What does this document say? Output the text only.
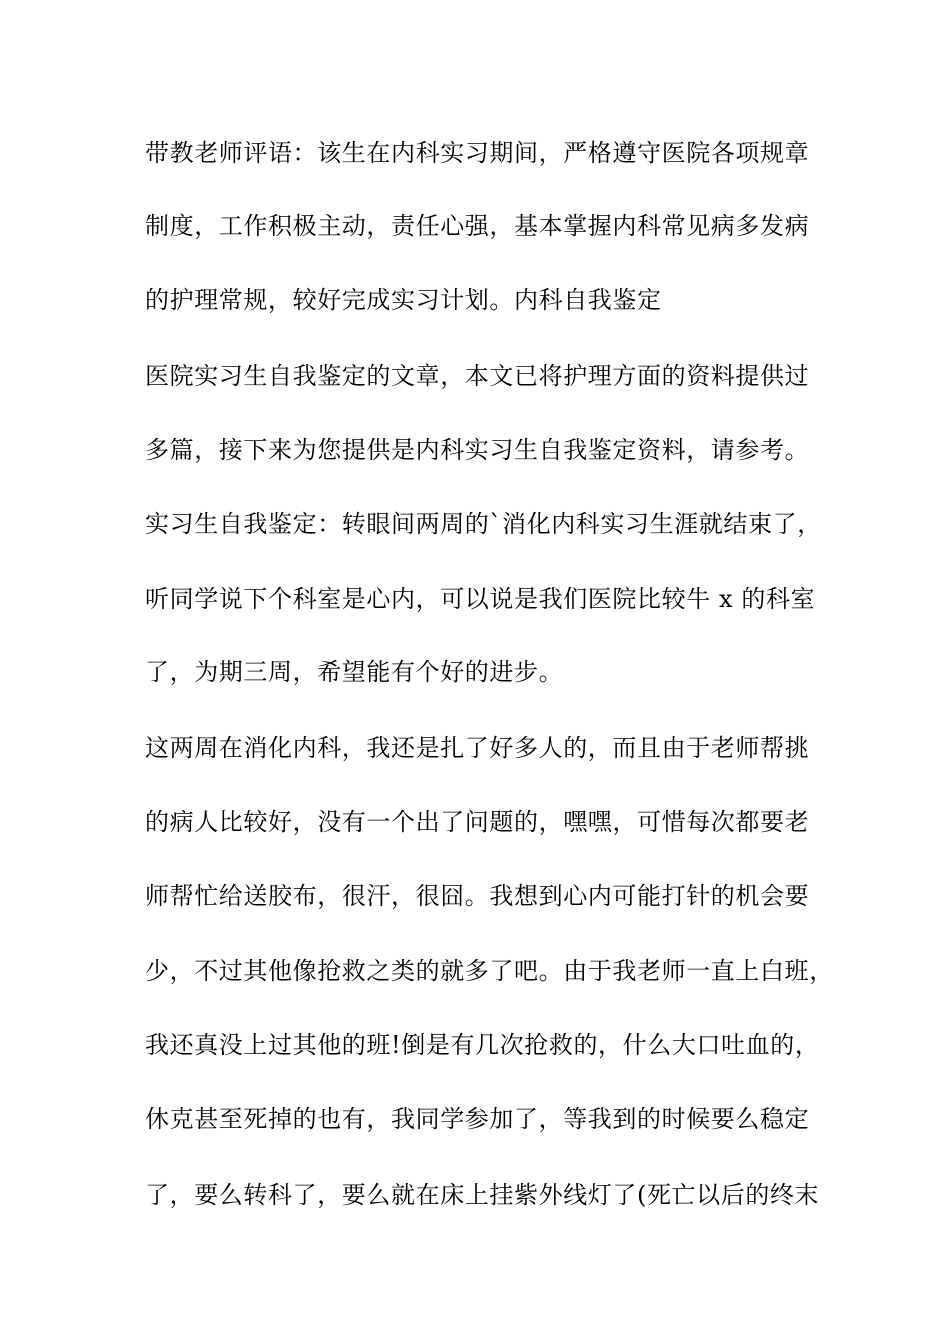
带教老师评语：该生在内科实习期间，严格遵守医院各项规章
制度，工作积极主动，责任心强，基本掌握内科常见病多发病
的护理常规，较好完成实习计划。内科自我鉴定
医院实习生自我鉴定的文章，本文已将护理方面的资料提供过
多篇，接下来为您提供是内科实习生自我鉴定资料，请参考。
实习生自我鉴定：转眼间两周的`消化内科实习生涯就结束了，
听同学说下个科室是心内，可以说是我们医院比较牛 x 的科室
了，为期三周，希望能有个好的进步。
这两周在消化内科，我还是扎了好多人的，而且由于老师帮挑
的病人比较好，没有一个出了问题的，嘿嘿，可惜每次都要老
师帮忙给送胶布，很汗，很囧。我想到心内可能打针的机会要
少，不过其他像抢救之类的就多了吧。由于我老师一直上白班，
我还真没上过其他的班!倒是有几次抢救的，什么大口吐血的，
休克甚至死掉的也有，我同学参加了，等我到的时候要么稳定
了，要么转科了，要么就在床上挂紫外线灯了(死亡以后的终末
